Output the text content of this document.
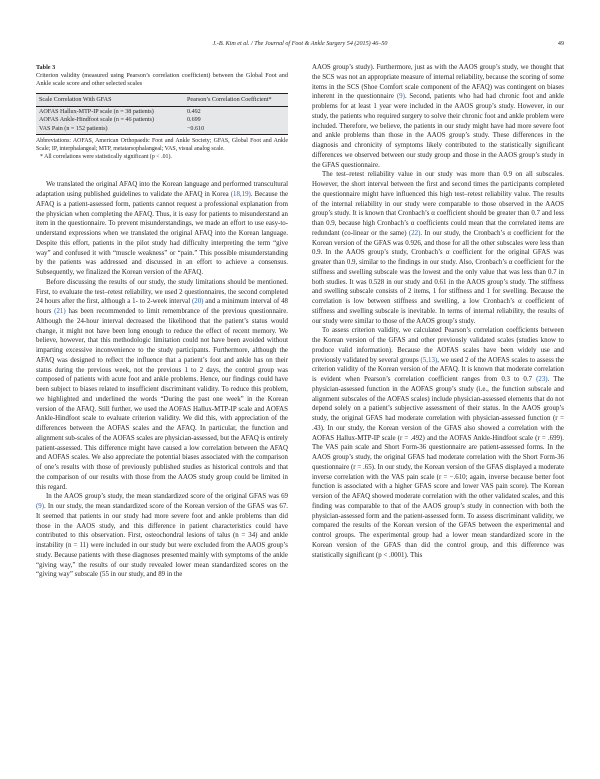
J.-B. Kim et al. / The Journal of Foot & Ankle Surgery 54 (2015) 46–50	49
Table 3
Criterion validity (measured using Pearson’s correlation coefficient) between the Global Foot and Ankle scale score and other selected scales
Scale Correlation With GFAS	Pearson’s Correlation Coefficient*
AOFAS Hallux-MTP-IP scale (n = 38 patients)	0.492
AOFAS Ankle-Hindfoot scale (n = 46 patients)	0.699
VAS Pain (n = 152 patients)	−0.610
Abbreviations: AOFAS, American Orthopaedic Foot and Ankle Society; GFAS, Global Foot and Ankle Scale; IP, interphalangeal; MTP, metatarsophalangeal; VAS, visual analog scale.
* All correlations were statistically significant (p < .01).

We translated the original AFAQ into the Korean language and performed transcultural adaptation using published guidelines to validate the AFAQ in Korea (18,19). Because the AFAQ is a patient-assessed form, patients cannot request a professional explanation from the physician when completing the AFAQ. Thus, it is easy for patients to misunderstand an item in the questionnaire. To prevent misunderstandings, we made an effort to use easy-to-understand expressions when we translated the original AFAQ into the Korean language. Despite this effort, patients in the pilot study had difficulty interpreting the term “give way” and confused it with “muscle weakness” or “pain.” This possible misunderstanding by the patients was addressed and discussed in an effort to achieve a consensus. Subsequently, we finalized the Korean version of the AFAQ.

Before discussing the results of our study, the study limitations should be mentioned. First, to evaluate the test–retest reliability, we used 2 questionnaires, the second completed 24 hours after the first, although a 1- to 2-week interval (20) and a minimum interval of 48 hours (21) has been recommended to limit remembrance of the previous questionnaire. Although the 24-hour interval decreased the likelihood that the patient’s status would change, it might not have been long enough to reduce the effect of recent memory. We believe, however, that this methodologic limitation could not have been avoided without imparting excessive inconvenience to the study participants. Furthermore, although the AFAQ was designed to reflect the influence that a patient’s foot and ankle has on their status during the previous week, not the previous 1 to 2 days, the control group was composed of patients with acute foot and ankle problems. Hence, our findings could have been subject to biases related to insufficient discriminant validity. To reduce this problem, we highlighted and underlined the words “During the past one week” in the Korean version of the AFAQ. Still further, we used the AOFAS Hallux-MTP-IP scale and AOFAS Ankle-Hindfoot scale to evaluate criterion validity. We did this, with appreciation of the differences between the AOFAS scales and the AFAQ. In particular, the function and alignment sub-scales of the AOFAS scales are physician-assessed, but the AFAQ is entirely patient-assessed. This difference might have caused a low correlation between the AFAQ and AOFAS scales. We also appreciate the potential biases associated with the comparison of one’s results with those of previously published studies as historical controls and that the comparison of our results with those from the AAOS study group could be limited in this regard.

In the AAOS group’s study, the mean standardized score of the original GFAS was 69 (9). In our study, the mean standardized score of the Korean version of the GFAS was 67. It seemed that patients in our study had more severe foot and ankle problems than did those in the AAOS study, and this difference in patient characteristics could have contributed to this observation. First, osteochondral lesions of talus (n = 34) and ankle instability (n = 11) were included in our study but were excluded from the AAOS group’s study. Because patients with these diagnoses presented mainly with symptoms of the ankle “giving way,” the results of our study revealed lower mean standardized scores on the “giving way” subscale (55 in our study, and 89 in the

AAOS group’s study). Furthermore, just as with the AAOS group’s study, we thought that the SCS was not an appropriate measure of internal reliability, because the scoring of some items in the SCS (Shoe Comfort scale component of the AFAQ) was contingent on biases inherent in the questionnaire (9). Second, patients who had had chronic foot and ankle problems for at least 1 year were included in the AAOS group’s study. However, in our study, the patients who required surgery to solve their chronic foot and ankle problem were included. Therefore, we believe, the patients in our study might have had more severe foot and ankle problems than those in the AAOS group’s study. These differences in the diagnosis and chronicity of symptoms likely contributed to the statistically significant differences we observed between our study group and those in the AAOS group’s study in the GFAS questionnaire.

The test–retest reliability value in our study was more than 0.9 on all subscales. However, the short interval between the first and second times the participants completed the questionnaire might have influenced this high test–retest reliability value. The results of the internal reliability in our study were comparable to those observed in the AAOS group’s study. It is known that Cronbach’s α coefficient should be greater than 0.7 and less than 0.9, because high Cronbach’s α coefficients could mean that the correlated items are redundant (co-linear or the same) (22). In our study, the Cronbach’s α coefficient for the Korean version of the GFAS was 0.926, and those for all the other subscales were less than 0.9. In the AAOS group’s study, Cronbach’s α coefficient for the original GFAS was greater than 0.9, similar to the findings in our study. Also, Cronbach’s α coefficient for the stiffness and swelling subscale was the lowest and the only value that was less than 0.7 in both studies. It was 0.528 in our study and 0.61 in the AAOS group’s study. The stiffness and swelling subscale consists of 2 items, 1 for stiffness and 1 for swelling. Because the correlation is low between stiffness and swelling, a low Cronbach’s α coefficient of stiffness and swelling subscale is inevitable. In terms of internal reliability, the results of our study were similar to those of the AAOS group’s study.

To assess criterion validity, we calculated Pearson’s correlation coefficients between the Korean version of the GFAS and other previously validated scales (studies know to produce valid information). Because the AOFAS scales have been widely use and previously validated by several groups (5,13), we used 2 of the AOFAS scales to assess the criterion validity of the Korean version of the AFAQ. It is known that moderate correlation is evident when Pearson’s correlation coefficient ranges from 0.3 to 0.7 (23). The physician-assessed function in the AOFAS group’s study (i.e., the function subscale and alignment subscales of the AOFAS scales) include physician-assessed elements that do not depend solely on a patient’s subjective assessment of their status. In the AAOS group’s study, the original GFAS had moderate correlation with physician-assessed function (r = .43). In our study, the Korean version of the GFAS also showed a correlation with the AOFAS Hallux-MTP-IP scale (r = .492) and the AOFAS Ankle-Hindfoot scale (r = .699). The VAS pain scale and Short Form-36 questionnaire are patient-assessed forms. In the AAOS group’s study, the original GFAS had moderate correlation with the Short Form-36 questionnaire (r = .65). In our study, the Korean version of the GFAS displayed a moderate inverse correlation with the VAS pain scale (r = −.610; again, inverse because better foot function is associated with a higher GFAS score and lower VAS pain score). The Korean version of the AFAQ showed moderate correlation with the other validated scales, and this finding was comparable to that of the AAOS group’s study in connection with both the physician-assessed form and the patient-assessed form. To assess discriminant validity, we compared the results of the Korean version of the GFAS between the experimental and control groups. The experimental group had a lower mean standardized score in the Korean version of the GFAS than did the control group, and this difference was statistically significant (p < .0001). This
